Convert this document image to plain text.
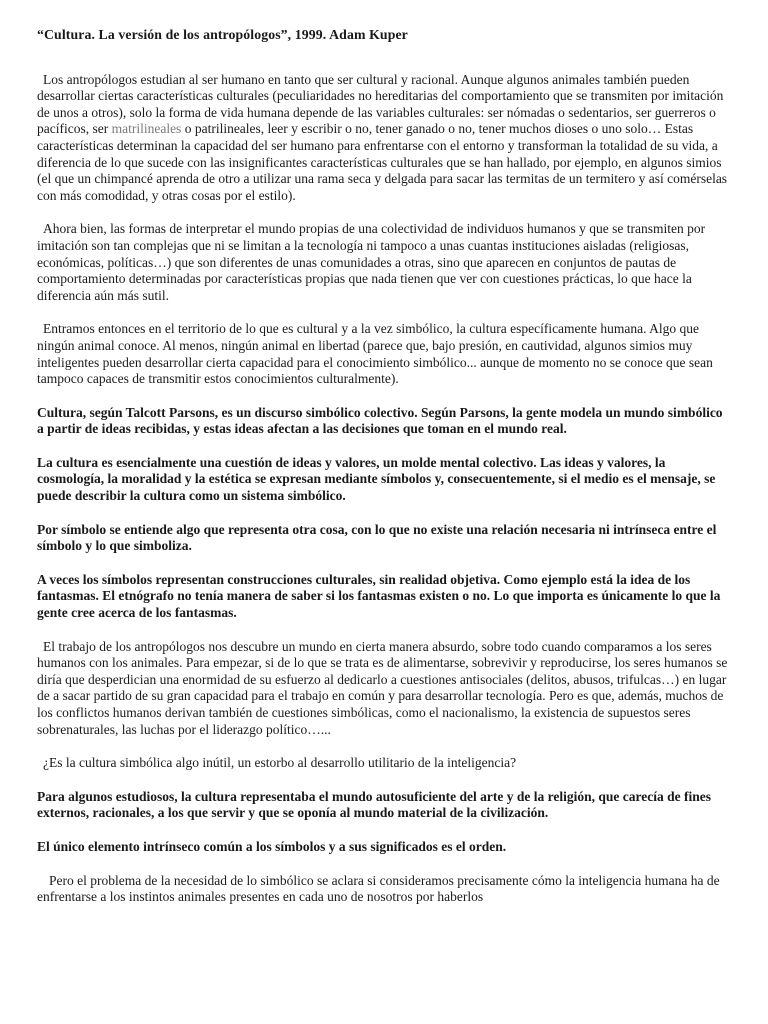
“Cultura. La versión de los antropólogos”, 1999. Adam Kuper

Los antropólogos estudian al ser humano en tanto que ser cultural y racional. Aunque algunos animales también pueden desarrollar ciertas características culturales (peculiaridades no hereditarias del comportamiento que se transmiten por imitación de unos a otros), solo la forma de vida humana depende de las variables culturales: ser nómadas o sedentarios, ser guerreros o pacíficos, ser matrilineales o patrilineales, leer y escribir o no, tener ganado o no, tener muchos dioses o uno solo… Estas características determinan la capacidad del ser humano para enfrentarse con el entorno y transforman la totalidad de su vida, a diferencia de lo que sucede con las insignificantes características culturales que se han hallado, por ejemplo, en algunos simios (el que un chimpancé aprenda de otro a utilizar una rama seca y delgada para sacar las termitas de un termitero y así comérselas con más comodidad, y otras cosas por el estilo).

Ahora bien, las formas de interpretar el mundo propias de una colectividad de individuos humanos y que se transmiten por imitación son tan complejas que ni se limitan a la tecnología ni tampoco a unas cuantas instituciones aisladas (religiosas, económicas, políticas…) que son diferentes de unas comunidades a otras, sino que aparecen en conjuntos de pautas de comportamiento determinadas por características propias que nada tienen que ver con cuestiones prácticas, lo que hace la diferencia aún más sutil.

Entramos entonces en el territorio de lo que es cultural y a la vez simbólico, la cultura específicamente humana. Algo que ningún animal conoce. Al menos, ningún animal en libertad (parece que, bajo presión, en cautividad, algunos simios muy inteligentes pueden desarrollar cierta capacidad para el conocimiento simbólico... aunque de momento no se conoce que sean tampoco capaces de transmitir estos conocimientos culturalmente).

Cultura, según Talcott Parsons, es un discurso simbólico colectivo. Según Parsons, la gente modela un mundo simbólico a partir de ideas recibidas, y estas ideas afectan a las decisiones que toman en el mundo real.

La cultura es esencialmente una cuestión de ideas y valores, un molde mental colectivo. Las ideas y valores, la cosmología, la moralidad y la estética se expresan mediante símbolos y, consecuentemente, si el medio es el mensaje, se puede describir la cultura como un sistema simbólico.

Por símbolo se entiende algo que representa otra cosa, con lo que no existe una relación necesaria ni intrínseca entre el símbolo y lo que simboliza.

A veces los símbolos representan construcciones culturales, sin realidad objetiva. Como ejemplo está la idea de los fantasmas. El etnógrafo no tenía manera de saber si los fantasmas existen o no. Lo que importa es únicamente lo que la gente cree acerca de los fantasmas.

El trabajo de los antropólogos nos descubre un mundo en cierta manera absurdo, sobre todo cuando comparamos a los seres humanos con los animales. Para empezar, si de lo que se trata es de alimentarse, sobrevivir y reproducirse, los seres humanos se diría que desperdician una enormidad de su esfuerzo al dedicarlo a cuestiones antisociales (delitos, abusos, trifulcas…) en lugar de a sacar partido de su gran capacidad para el trabajo en común y para desarrollar tecnología. Pero es que, además, muchos de los conflictos humanos derivan también de cuestiones simbólicas, como el nacionalismo, la existencia de supuestos seres sobrenaturales, las luchas por el liderazgo político…...

¿Es la cultura simbólica algo inútil, un estorbo al desarrollo utilitario de la inteligencia?

Para algunos estudiosos, la cultura representaba el mundo autosuficiente del arte y de la religión, que carecía de fines externos, racionales, a los que servir y que se oponía al mundo material de la civilización.

El único elemento intrínseco común a los símbolos y a sus significados es el orden.

Pero el problema de la necesidad de lo simbólico se aclara si consideramos precisamente cómo la inteligencia humana ha de enfrentarse a los instintos animales presentes en cada uno de nosotros por haberlos
